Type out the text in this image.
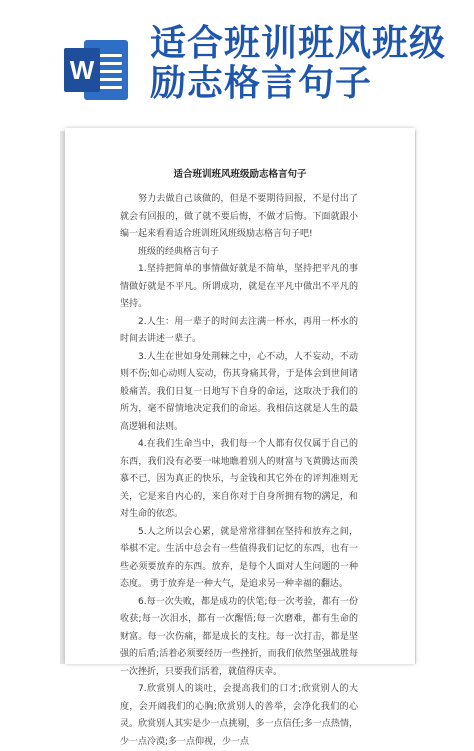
W
适合班训班风班级
励志格言句子
适合班训班风班级励志格言句子

努力去做自己该做的，但是不要期待回报，不是付出了就会有回报的，做了就不要后悔，不做才后悔。下面就跟小编一起来看看适合班训班风班级励志格言句子吧!

班级的经典格言句子

1.坚持把简单的事情做好就是不简单，坚持把平凡的事情做好就是不平凡。所谓成功，就是在平凡中做出不平凡的坚持。

2.人生：用一辈子的时间去注满一杯水，再用一杯水的时间去讲述一辈子。

3.人生在世如身处荆棘之中，心不动，人不妄动，不动则不伤;如心动则人妄动，伤其身痛其骨，于是体会到世间诸般痛苦。我们日复一日地写下自身的命运，这取决于我们的所为，毫不留情地决定我们的命运。我相信这就是人生的最高逻辑和法则。

4.在我们生命当中，我们每一个人都有仅仅属于自己的东西，我们没有必要一味地瞧着别人的财富与飞黄腾达而羡慕不已，因为真正的快乐，与金钱和其它外在的评判准则无关，它是来自内心的，来自你对于自身所拥有物的满足，和对生命的依恋。

5.人之所以会心累，就是常常徘徊在坚持和放弃之间，举棋不定。生活中总会有一些值得我们记忆的东西，也有一些必须要放弃的东西。放弃，是每个人面对人生问题的一种态度。 勇于放弃是一种大气，是追求另一种幸福的翻达。

6.每一次失败，都是成功的伏笔;每一次考验，都有一份收获;每一次泪水，都有一次醒悟;每一次磨难，都有生命的财富。每一次伤痛，都是成长的支柱。每一次打击，都是坚强的后盾;活着必须要经历一些挫折，而我们依然坚强战胜每一次挫折，只要我们活着，就值得庆幸。

7.欣赏别人的谈吐，会提高我们的口才;欣赏别人的大度，会开阔我们的心胸;欣赏别人的善举，会净化我们的心灵。欣赏别人其实是少一点挑剔，多一点信任;多一点热情，少一点冷漠;多一点仰视，少一点
